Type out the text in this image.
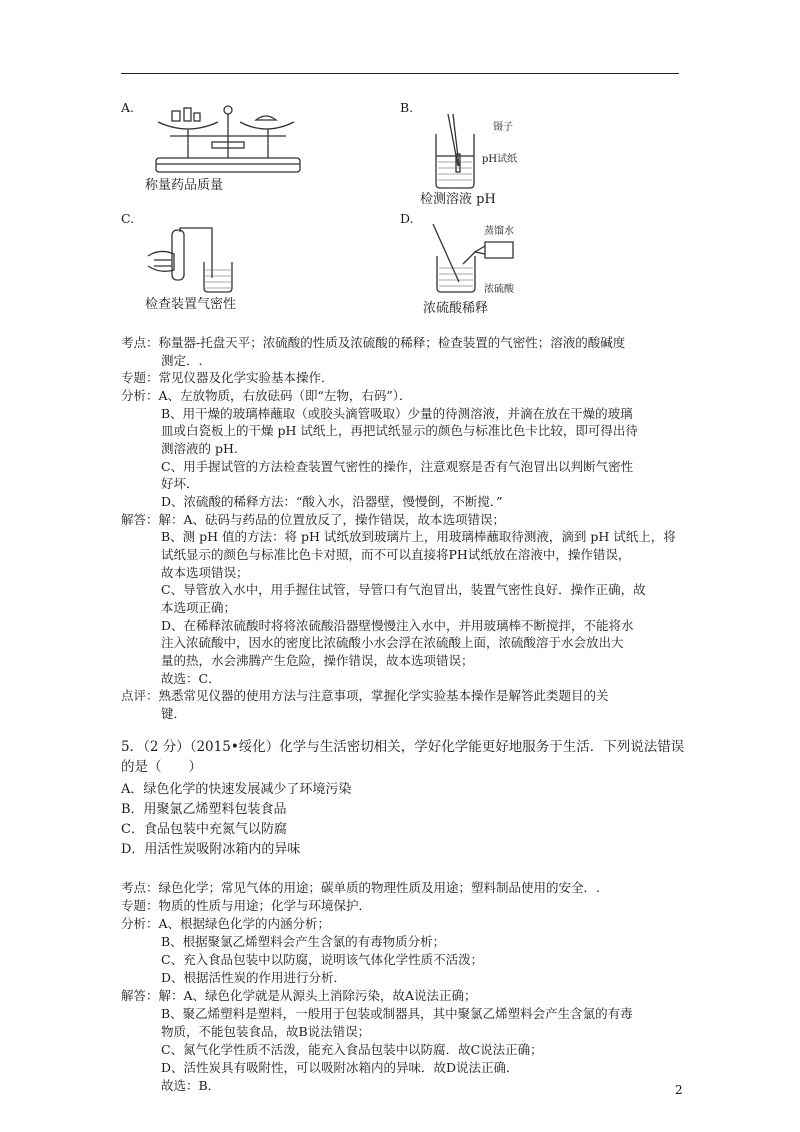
A.
称量药品质量
B.
镊子
pH试纸
检测溶液 pH
C.
检查装置气密性
D.
蒸馏水
浓硫酸
浓硫酸稀释
考点：称量器-托盘天平；浓硫酸的性质及浓硫酸的稀释；检查装置的气密性；溶液的酸碱度
测定．.
专题：常见仪器及化学实验基本操作．
分析：A、左放物质，右放砝码（即“左物，右码”）．
B、用干燥的玻璃棒蘸取（或胶头滴管吸取）少量的待测溶液，并滴在放在干燥的玻璃
皿或白瓷板上的干燥 pH 试纸上，再把试纸显示的颜色与标准比色卡比较，即可得出待
测溶液的 pH.
C、用手握试管的方法检查装置气密性的操作，注意观察是否有气泡冒出以判断气密性
好坏．
D、浓硫酸的稀释方法：“酸入水，沿器壁，慢慢倒，不断搅．”
解答：解：A、砝码与药品的位置放反了，操作错误，故本选项错误；
B、测 pH 值的方法：将 pH 试纸放到玻璃片上，用玻璃棒蘸取待测液，滴到 pH 试纸上，将
试纸显示的颜色与标准比色卡对照，而不可以直接将PH试纸放在溶液中，操作错误，
故本选项错误；
C、导管放入水中，用手握住试管，导管口有气泡冒出，装置气密性良好．操作正确，故
本选项正确；
D、在稀释浓硫酸时将将浓硫酸沿器壁慢慢注入水中，并用玻璃棒不断搅拌，不能将水
注入浓硫酸中，因水的密度比浓硫酸小水会浮在浓硫酸上面，浓硫酸溶于水会放出大
量的热，水会沸腾产生危险，操作错误，故本选项错误；
故选：C．
点评：熟悉常见仪器的使用方法与注意事项，掌握化学实验基本操作是解答此类题目的关
键．
5．（2 分）（2015•绥化）化学与生活密切相关，学好化学能更好地服务于生活．下列说法错误
的是（　　）
A．绿色化学的快速发展减少了环境污染
B．用聚氯乙烯塑料包装食品
C．食品包装中充氮气以防腐
D．用活性炭吸附冰箱内的异味
考点：绿色化学；常见气体的用途；碳单质的物理性质及用途；塑料制品使用的安全．.
专题：物质的性质与用途；化学与环境保护．
分析：A、根据绿色化学的内涵分析；
B、根据聚氯乙烯塑料会产生含氯的有毒物质分析；
C、充入食品包装中以防腐，说明该气体化学性质不活泼；
D、根据活性炭的作用进行分析．
解答：解：A、绿色化学就是从源头上消除污染，故A说法正确；
B、聚乙烯塑料是塑料，一般用于包装或制器具，其中聚氯乙烯塑料会产生含氯的有毒
物质，不能包装食品，故B说法错误；
C、氮气化学性质不活泼，能充入食品包装中以防腐．故C说法正确；
D、活性炭具有吸附性，可以吸附冰箱内的异味．故D说法正确．
故选：B．	2
